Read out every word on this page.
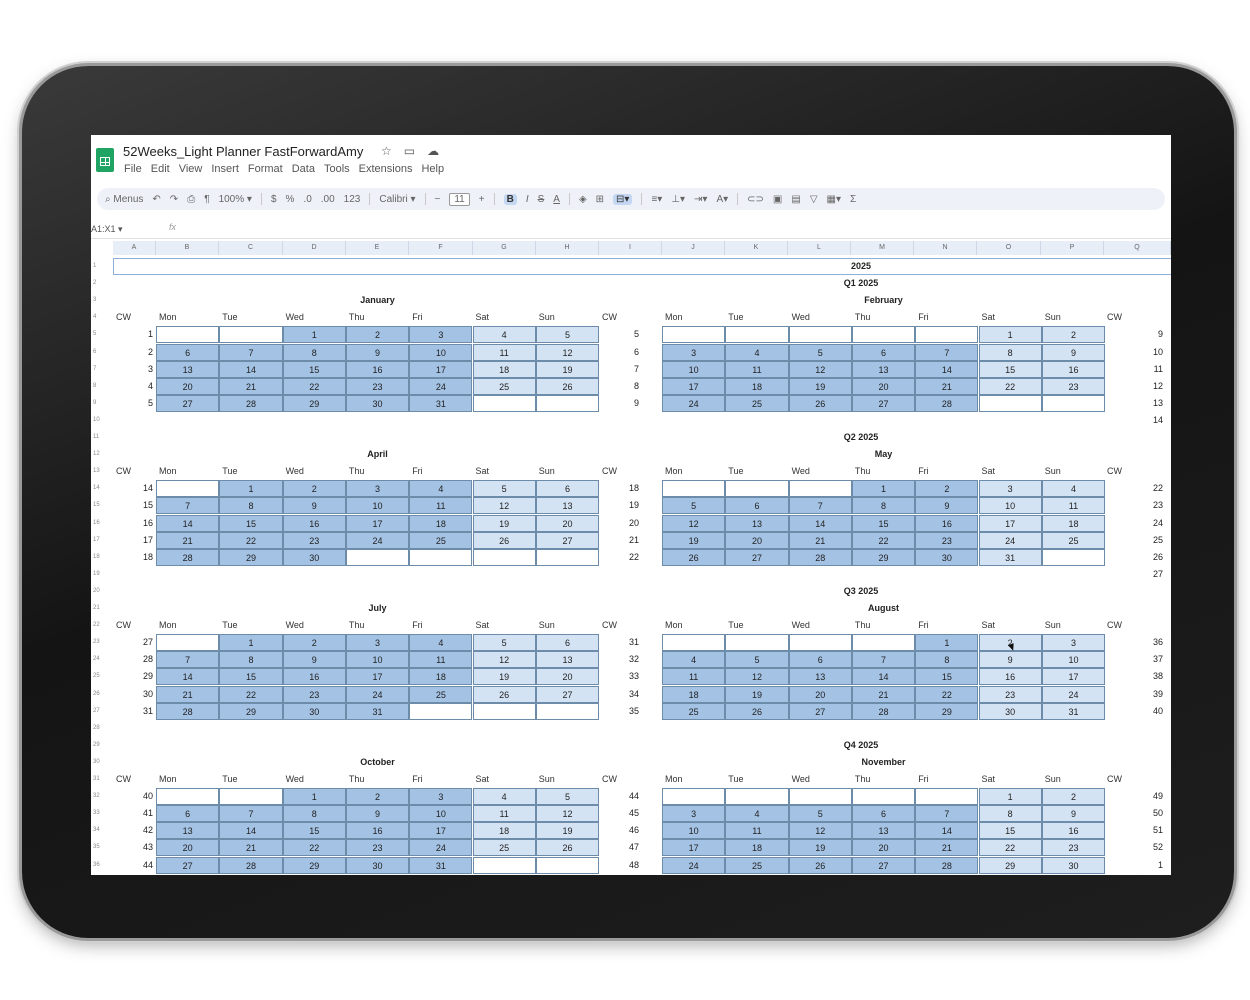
52Weeks_Light Planner FastForwardAmy ☆ ▭ ☁
File Edit View Insert Format Data Tools Extensions Help
⌕ Menus ↶ ↷ ⎙ ¶ 100% ▾ $ % .0 .00 123 Calibri ▾ −	11	+	B	I S A ◈ ⊞	⊟▾	≡▾ ⊥▾ ⇥▾ A▾ ⊂⊃ ▣ ▤ ▽ ▦▾ Σ
A1:X1 ▾	fx
A	B	C	D	E	F	G	H	I	J	K	L	M	N	O	P	Q
1
2
3
4
5
6
7
8
9
10
11
12
13
14
15
16
17
18
19
20
21
22
23
24
25
26
27
28
29
30
31
32
33
34
35
36
2025
Q1 2025
January	February
CW	CW	CW
Mon	Mon
Tue	Tue
Wed	Wed
Thu	Thu
Fri	Fri
Sat	Sat
Sun	Sun
1	1	2	3	4	5
2	6	7	8	9	10	11	12
3	13	14	15	16	17	18	19
4	20	21	22	23	24	25	26
5	27	28	29	30	31
5	1	2
6	3	4	5	6	7	8	9
7	10	11	12	13	14	15	16
8	17	18	19	20	21	22	23
9	24	25	26	27	28
9
10
11
12
13
14
Q2 2025
April	May
CW	CW	CW
Mon	Mon
Tue	Tue
Wed	Wed
Thu	Thu
Fri	Fri
Sat	Sat
Sun	Sun
14	1	2	3	4	5	6
15	7	8	9	10	11	12	13
16	14	15	16	17	18	19	20
17	21	22	23	24	25	26	27
18	28	29	30
18	1	2	3	4
19	5	6	7	8	9	10	11
20	12	13	14	15	16	17	18
21	19	20	21	22	23	24	25
22	26	27	28	29	30	31
22
23
24
25
26
27
Q3 2025
July	August
CW	CW	CW
Mon	Mon
Tue	Tue
Wed	Wed
Thu	Thu
Fri	Fri
Sat	Sat
Sun	Sun
27	1	2	3	4	5	6
28	7	8	9	10	11	12	13
29	14	15	16	17	18	19	20
30	21	22	23	24	25	26	27
31	28	29	30	31
31	1	2	3
32	4	5	6	7	8	9	10
33	11	12	13	14	15	16	17
34	18	19	20	21	22	23	24
35	25	26	27	28	29	30	31
36
37
38
39
40
Q4 2025
October	November
CW	CW	CW
Mon	Mon
Tue	Tue
Wed	Wed
Thu	Thu
Fri	Fri
Sat	Sat
Sun	Sun
40	1	2	3	4	5
41	6	7	8	9	10	11	12
42	13	14	15	16	17	18	19
43	20	21	22	23	24	25	26
44	27	28	29	30	31
44	1	2
45	3	4	5	6	7	8	9
46	10	11	12	13	14	15	16
47	17	18	19	20	21	22	23
48	24	25	26	27	28	29	30
49
50
51
52
1
